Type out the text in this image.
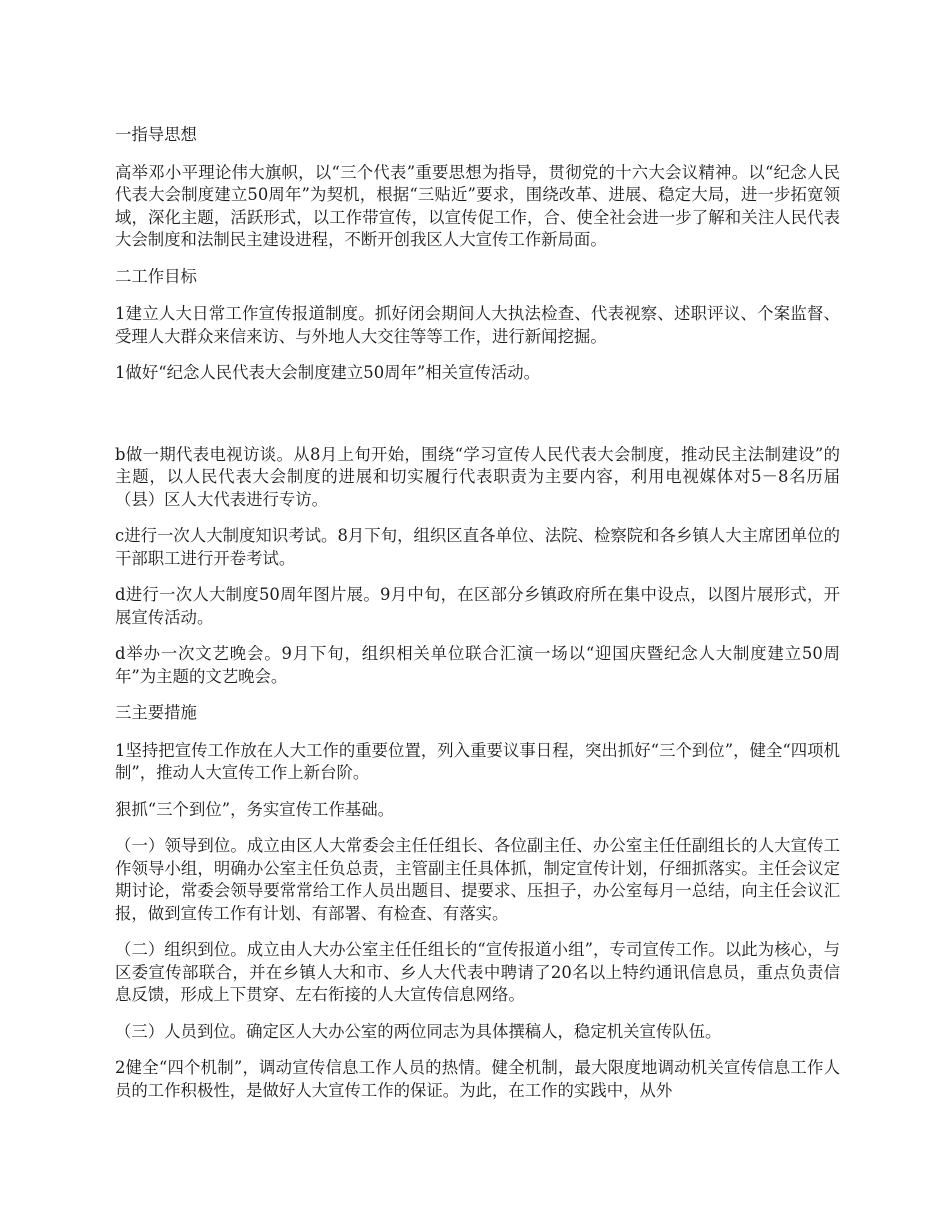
一指导思想

高举邓小平理论伟大旗帜，以“三个代表”重要思想为指导，贯彻党的十六大会议精神。以“纪念人民代表大会制度建立50周年”为契机，根据“三贴近”要求，围绕改革、进展、稳定大局，进一步拓宽领域，深化主题，活跃形式，以工作带宣传，以宣传促工作，合、使全社会进一步了解和关注人民代表大会制度和法制民主建设进程，不断开创我区人大宣传工作新局面。

二工作目标

1建立人大日常工作宣传报道制度。抓好闭会期间人大执法检查、代表视察、述职评议、个案监督、受理人大群众来信来访、与外地人大交往等等工作，进行新闻挖掘。

1做好“纪念人民代表大会制度建立50周年”相关宣传活动。

b做一期代表电视访谈。从8月上旬开始，围绕“学习宣传人民代表大会制度，推动民主法制建设”的主题，以人民代表大会制度的进展和切实履行代表职责为主要内容，利用电视媒体对5－8名历届（县）区人大代表进行专访。

c进行一次人大制度知识考试。8月下旬，组织区直各单位、法院、检察院和各乡镇人大主席团单位的干部职工进行开卷考试。

d进行一次人大制度50周年图片展。9月中旬，在区部分乡镇政府所在集中设点，以图片展形式，开展宣传活动。

d举办一次文艺晚会。9月下旬，组织相关单位联合汇演一场以“迎国庆暨纪念人大制度建立50周年”为主题的文艺晚会。

三主要措施

1坚持把宣传工作放在人大工作的重要位置，列入重要议事日程，突出抓好“三个到位”，健全“四项机制”，推动人大宣传工作上新台阶。

狠抓“三个到位”，务实宣传工作基础。

（一）领导到位。成立由区人大常委会主任任组长、各位副主任、办公室主任任副组长的人大宣传工作领导小组，明确办公室主任负总责，主管副主任具体抓，制定宣传计划，仔细抓落实。主任会议定期讨论，常委会领导要常常给工作人员出题目、提要求、压担子，办公室每月一总结，向主任会议汇报，做到宣传工作有计划、有部署、有检查、有落实。

（二）组织到位。成立由人大办公室主任任组长的“宣传报道小组”，专司宣传工作。以此为核心，与区委宣传部联合，并在乡镇人大和市、乡人大代表中聘请了20名以上特约通讯信息员，重点负责信息反馈，形成上下贯穿、左右衔接的人大宣传信息网络。

（三）人员到位。确定区人大办公室的两位同志为具体撰稿人，稳定机关宣传队伍。

2健全“四个机制”，调动宣传信息工作人员的热情。健全机制，最大限度地调动机关宣传信息工作人员的工作积极性，是做好人大宣传工作的保证。为此，在工作的实践中，从外
